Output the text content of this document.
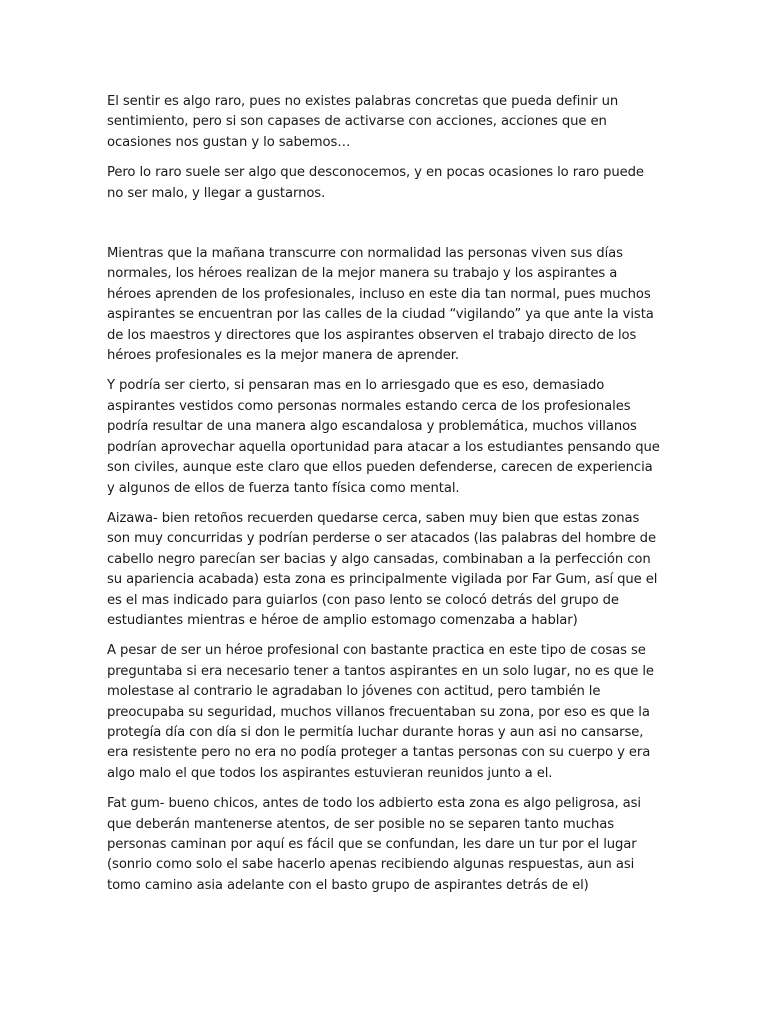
El sentir es algo raro, pues no existes palabras concretas que pueda definir un sentimiento, pero si son capases de activarse con acciones, acciones que en ocasiones nos gustan y lo sabemos…

Pero lo raro suele ser algo que desconocemos, y en pocas ocasiones lo raro puede no ser malo, y llegar a gustarnos.

Mientras que la mañana transcurre con normalidad las personas viven sus días normales, los héroes realizan de la mejor manera su trabajo y los aspirantes a héroes aprenden de los profesionales, incluso en este dia tan normal, pues muchos aspirantes se encuentran por las calles de la ciudad “vigilando” ya que ante la vista de los maestros y directores que los aspirantes observen el trabajo directo de los héroes profesionales es la mejor manera de aprender.

Y podría ser cierto, si pensaran mas en lo arriesgado que es eso, demasiado aspirantes vestidos como personas normales estando cerca de los profesionales podría resultar de una manera algo escandalosa y problemática, muchos villanos podrían aprovechar aquella oportunidad para atacar a los estudiantes pensando que son civiles, aunque este claro que ellos pueden defenderse, carecen de experiencia y algunos de ellos de fuerza tanto física como mental.

Aizawa- bien retoños recuerden quedarse cerca, saben muy bien que estas zonas son muy concurridas y podrían perderse o ser atacados (las palabras del hombre de cabello negro parecían ser bacias y algo cansadas, combinaban a la perfección con su apariencia acabada) esta zona es principalmente vigilada por Far Gum, así que el es el mas indicado para guiarlos (con paso lento se colocó detrás del grupo de estudiantes mientras e héroe de amplio estomago comenzaba a hablar)

A pesar de ser un héroe profesional con bastante practica en este tipo de cosas se preguntaba si era necesario tener a tantos aspirantes en un solo lugar, no es que le molestase al contrario le agradaban lo jóvenes con actitud, pero también le preocupaba su seguridad, muchos villanos frecuentaban su zona, por eso es que la protegía día con día si don le permitía luchar durante horas y aun asi no cansarse, era resistente pero no era no podía proteger a tantas personas con su cuerpo y era algo malo el que todos los aspirantes estuvieran reunidos junto a el.

Fat gum- bueno chicos, antes de todo los adbierto esta zona es algo peligrosa, asi que deberán mantenerse atentos, de ser posible no se separen tanto muchas personas caminan por aquí es fácil que se confundan, les dare un tur por el lugar (sonrio como solo el sabe hacerlo apenas recibiendo algunas respuestas, aun asi tomo camino asia adelante con el basto grupo de aspirantes detrás de el)
